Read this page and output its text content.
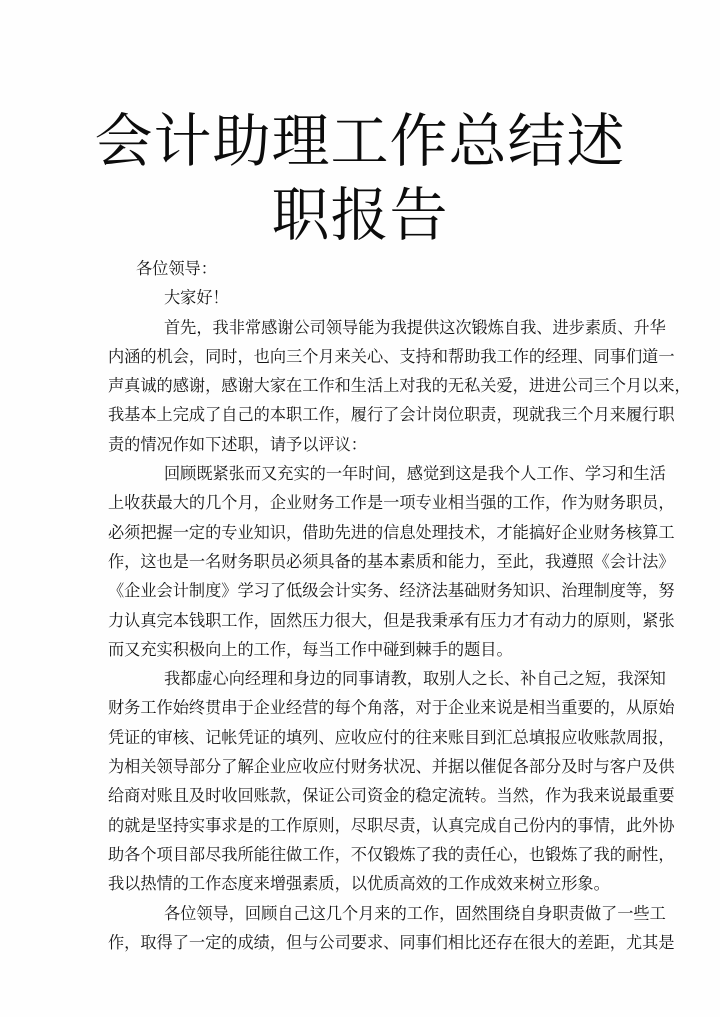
会计助理工作总结述
职报告
各位领导：
大家好！
首先，我非常感谢公司领导能为我提供这次锻炼自我、进步素质、升华
内涵的机会，同时，也向三个月来关心、支持和帮助我工作的经理、同事们道一
声真诚的感谢，感谢大家在工作和生活上对我的无私关爱，进进公司三个月以来，
我基本上完成了自己的本职工作，履行了会计岗位职责，现就我三个月来履行职
责的情况作如下述职，请予以评议：
回顾既紧张而又充实的一年时间，感觉到这是我个人工作、学习和生活
上收获最大的几个月，企业财务工作是一项专业相当强的工作，作为财务职员，
必须把握一定的专业知识，借助先进的信息处理技术，才能搞好企业财务核算工
作，这也是一名财务职员必须具备的基本素质和能力，至此，我遵照《会计法》
《企业会计制度》学习了低级会计实务、经济法基础财务知识、治理制度等，努
力认真完本钱职工作，固然压力很大，但是我秉承有压力才有动力的原则，紧张
而又充实积极向上的工作，每当工作中碰到棘手的题目。
我都虚心向经理和身边的同事请教，取别人之长、补自己之短，我深知
财务工作始终贯串于企业经营的每个角落，对于企业来说是相当重要的，从原始
凭证的审核、记帐凭证的填列、应收应付的往来账目到汇总填报应收账款周报，
为相关领导部分了解企业应收应付财务状况、并据以催促各部分及时与客户及供
给商对账且及时收回账款，保证公司资金的稳定流转。当然，作为我来说最重要
的就是坚持实事求是的工作原则，尽职尽责，认真完成自己份内的事情，此外协
助各个项目部尽我所能往做工作，不仅锻炼了我的责任心，也锻炼了我的耐性，
我以热情的工作态度来增强素质，以优质高效的工作成效来树立形象。
各位领导，回顾自己这几个月来的工作，固然围绕自身职责做了一些工
作，取得了一定的成绩，但与公司要求、同事们相比还存在很大的差距，尤其是
